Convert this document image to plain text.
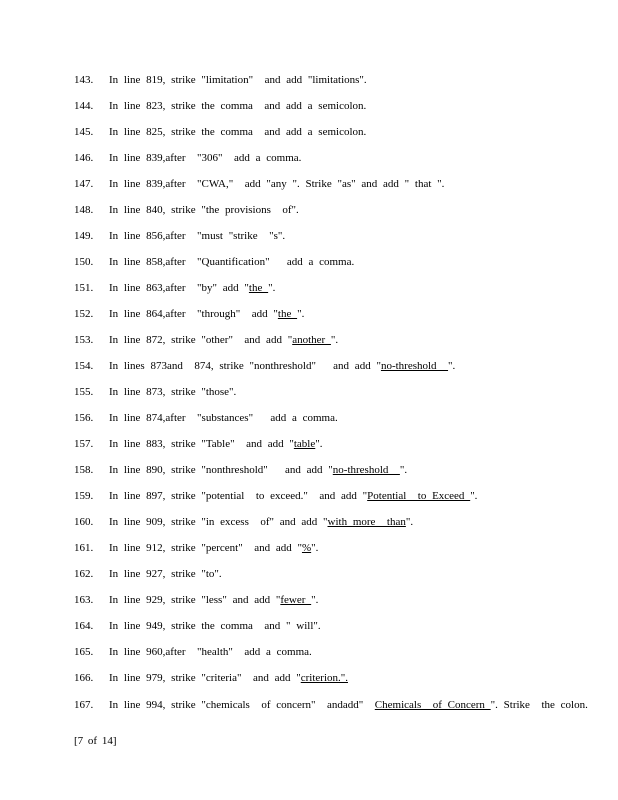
143.	In line 819, strike "limitation"  and add "limitations".
144.	In line 823, strike the comma  and add a semicolon.
145.	In line 825, strike the comma  and add a semicolon.
146.	In line 839,after  "306"  add a comma.
147.	In line 839,after  "CWA,"  add "any ". Strike "as" and add " that ".
148.	In line 840, strike "the provisions  of".
149.	In line 856,after  "must "strike  "s".
150.	In line 858,after  "Quantification"   add a comma.
151.	In line 863,after  "by" add "the ".
152.	In line 864,after  "through"  add "the ".
153.	In line 872, strike "other"  and add "another ".
154.	In lines 873and  874, strike "nonthreshold"   and add "no-threshold  ".
155.	In line 873, strike "those".
156.	In line 874,after  "substances"   add a comma.
157.	In line 883, strike "Table"  and add "table".
158.	In line 890, strike "nonthreshold"   and add "no-threshold  ".
159.	In line 897, strike "potential  to exceed."  and add "Potential  to Exceed ".
160.	In line 909, strike "in excess  of" and add "with more  than".
161.	In line 912, strike "percent"  and add "%".
162.	In line 927, strike "to".
163.	In line 929, strike "less" and add "fewer ".
164.	In line 949, strike the comma  and " will".
165.	In line 960,after  "health"  add a comma.
166.	In line 979, strike "criteria"  and add "criterion.".
167.	In line 994, strike "chemicals  of concern"  andadd"  Chemicals  of Concern ". Strike  the colon.
[7 of 14]
